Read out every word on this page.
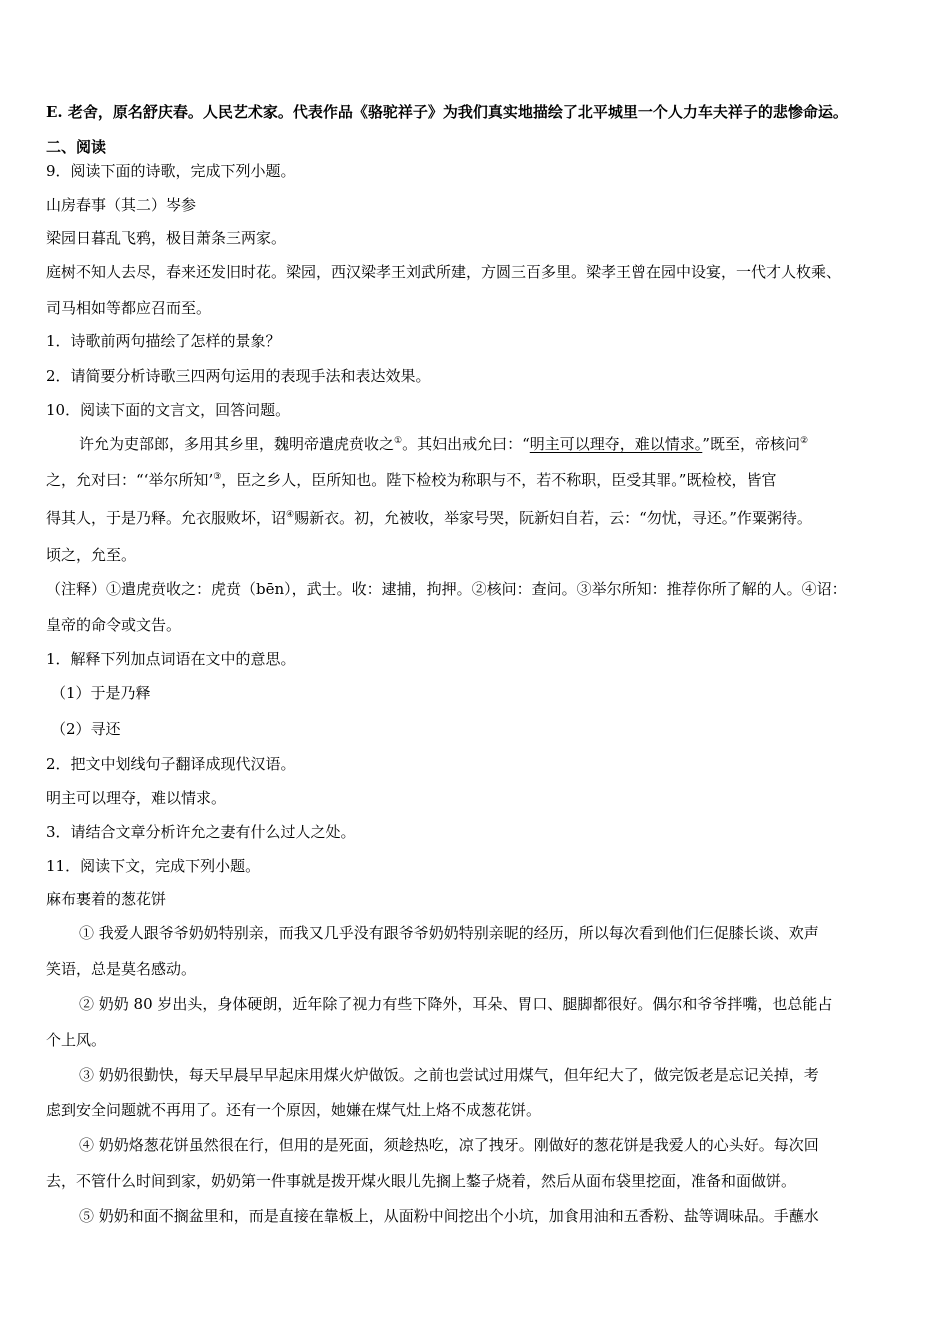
E. 老舍，原名舒庆春。人民艺术家。代表作品《骆驼祥子》为我们真实地描绘了北平城里一个人力车夫祥子的悲惨命运。
二、阅读
9．阅读下面的诗歌，完成下列小题。
山房春事（其二）岑参
梁园日暮乱飞鸦，极目萧条三两家。
庭树不知人去尽，春来还发旧时花。梁园，西汉梁孝王刘武所建，方圆三百多里。梁孝王曾在园中设宴，一代才人枚乘、
司马相如等都应召而至。
1．诗歌前两句描绘了怎样的景象？
2．请简要分析诗歌三四两句运用的表现手法和表达效果。
10．阅读下面的文言文，回答问题。
许允为吏部郎，多用其乡里，魏明帝遣虎贲收之①。其妇出戒允曰：“明主可以理夺，难以情求。”既至，帝核问②
之，允对曰：“‘举尔所知’③，臣之乡人，臣所知也。陛下检校为称职与不，若不称职，臣受其罪。”既检校，皆官
得其人，于是乃释。允衣服败坏，诏④赐新衣。初，允被收，举家号哭，阮新妇自若，云：“勿忧，寻还。”作粟粥待。
顷之，允至。
（注释）①遣虎贲收之：虎贲（bēn），武士。收：逮捕，拘押。②核问：查问。③举尔所知：推荐你所了解的人。④诏：
皇帝的命令或文告。
1．解释下列加点词语在文中的意思。
（1）于是乃释
（2）寻还
2．把文中划线句子翻译成现代汉语。
明主可以理夺，难以情求。
3．请结合文章分析许允之妻有什么过人之处。
11．阅读下文，完成下列小题。
麻布裹着的葱花饼
① 我爱人跟爷爷奶奶特别亲，而我又几乎没有跟爷爷奶奶特别亲昵的经历，所以每次看到他们仨促膝长谈、欢声
笑语，总是莫名感动。
② 奶奶 80 岁出头，身体硬朗，近年除了视力有些下降外，耳朵、胃口、腿脚都很好。偶尔和爷爷拌嘴，也总能占
个上风。
③ 奶奶很勤快，每天早晨早早起床用煤火炉做饭。之前也尝试过用煤气，但年纪大了，做完饭老是忘记关掉，考
虑到安全问题就不再用了。还有一个原因，她嫌在煤气灶上烙不成葱花饼。
④ 奶奶烙葱花饼虽然很在行，但用的是死面，须趁热吃，凉了拽牙。刚做好的葱花饼是我爱人的心头好。每次回
去，不管什么时间到家，奶奶第一件事就是拨开煤火眼儿先搁上鏊子烧着，然后从面布袋里挖面，准备和面做饼。
⑤ 奶奶和面不搁盆里和，而是直接在靠板上，从面粉中间挖出个小坑，加食用油和五香粉、盐等调味品。手蘸水
